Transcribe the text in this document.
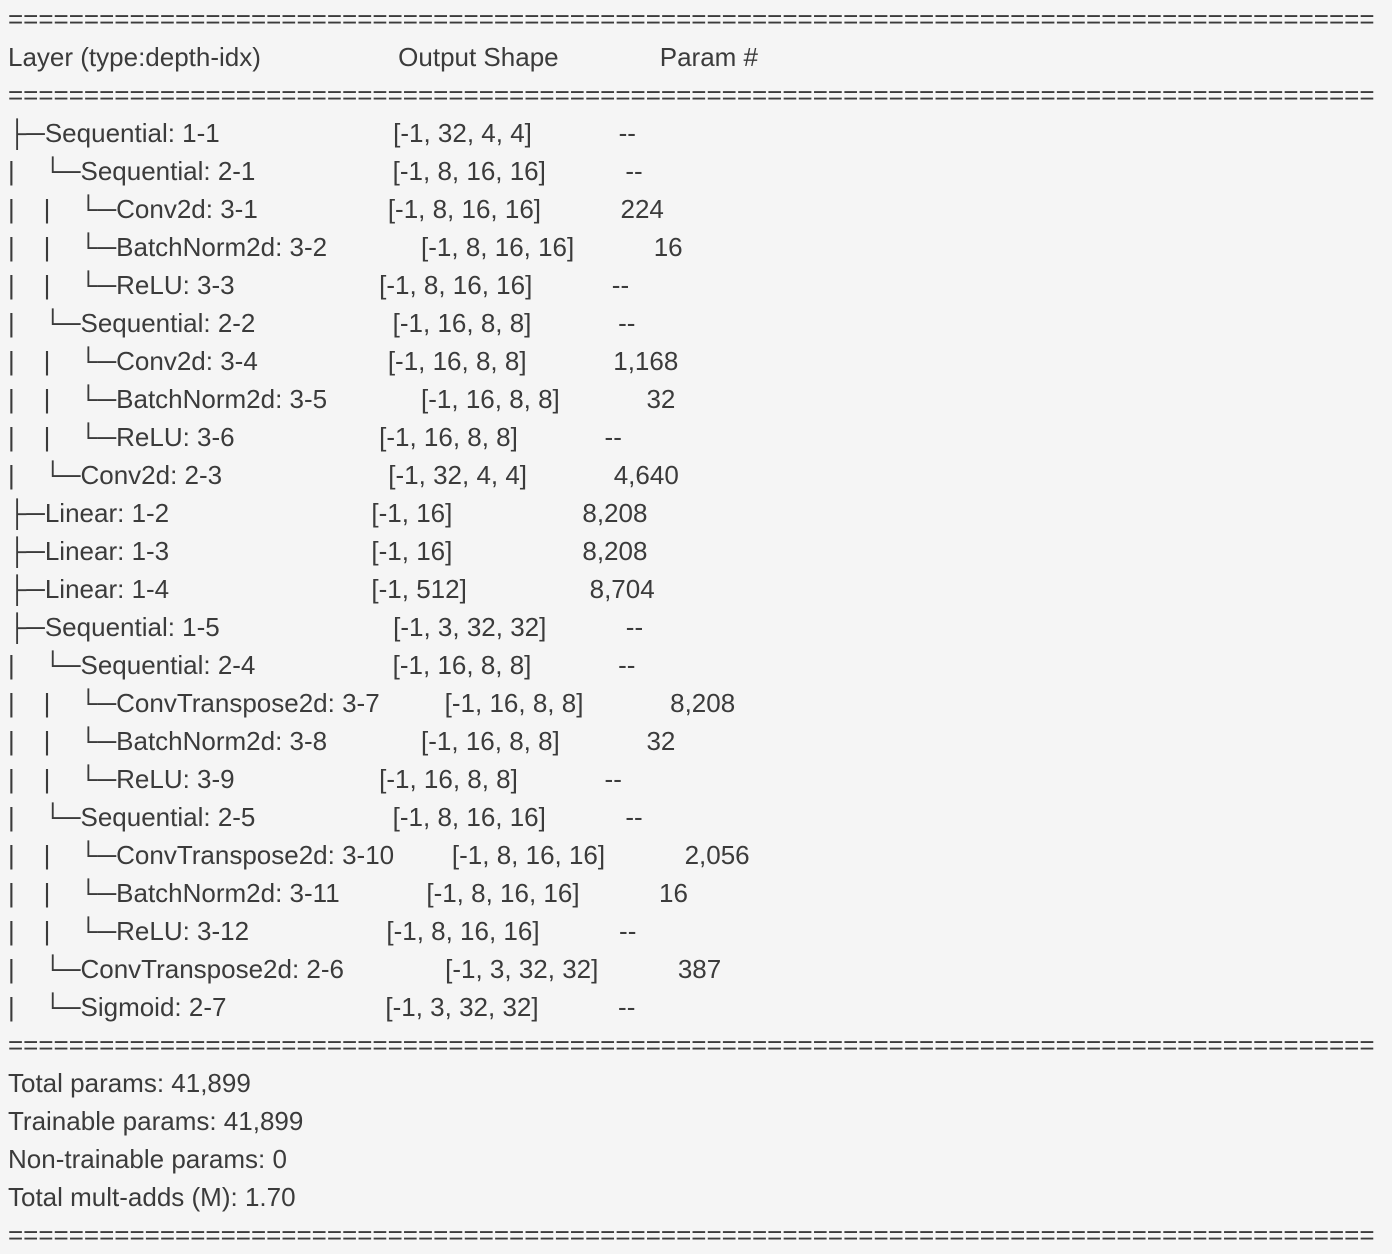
==========================================================================================
Layer (type:depth-idx)                   Output Shape              Param #
==========================================================================================
├─Sequential: 1-1                        [-1, 32, 4, 4]            --
|    └─Sequential: 2-1                   [-1, 8, 16, 16]           --
|    |    └─Conv2d: 3-1                  [-1, 8, 16, 16]           224
|    |    └─BatchNorm2d: 3-2             [-1, 8, 16, 16]           16
|    |    └─ReLU: 3-3                    [-1, 8, 16, 16]           --
|    └─Sequential: 2-2                   [-1, 16, 8, 8]            --
|    |    └─Conv2d: 3-4                  [-1, 16, 8, 8]            1,168
|    |    └─BatchNorm2d: 3-5             [-1, 16, 8, 8]            32
|    |    └─ReLU: 3-6                    [-1, 16, 8, 8]            --
|    └─Conv2d: 2-3                       [-1, 32, 4, 4]            4,640
├─Linear: 1-2                            [-1, 16]                  8,208
├─Linear: 1-3                            [-1, 16]                  8,208
├─Linear: 1-4                            [-1, 512]                 8,704
├─Sequential: 1-5                        [-1, 3, 32, 32]           --
|    └─Sequential: 2-4                   [-1, 16, 8, 8]            --
|    |    └─ConvTranspose2d: 3-7         [-1, 16, 8, 8]            8,208
|    |    └─BatchNorm2d: 3-8             [-1, 16, 8, 8]            32
|    |    └─ReLU: 3-9                    [-1, 16, 8, 8]            --
|    └─Sequential: 2-5                   [-1, 8, 16, 16]           --
|    |    └─ConvTranspose2d: 3-10        [-1, 8, 16, 16]           2,056
|    |    └─BatchNorm2d: 3-11            [-1, 8, 16, 16]           16
|    |    └─ReLU: 3-12                   [-1, 8, 16, 16]           --
|    └─ConvTranspose2d: 2-6              [-1, 3, 32, 32]           387
|    └─Sigmoid: 2-7                      [-1, 3, 32, 32]           --
==========================================================================================
Total params: 41,899
Trainable params: 41,899
Non-trainable params: 0
Total mult-adds (M): 1.70
==========================================================================================
